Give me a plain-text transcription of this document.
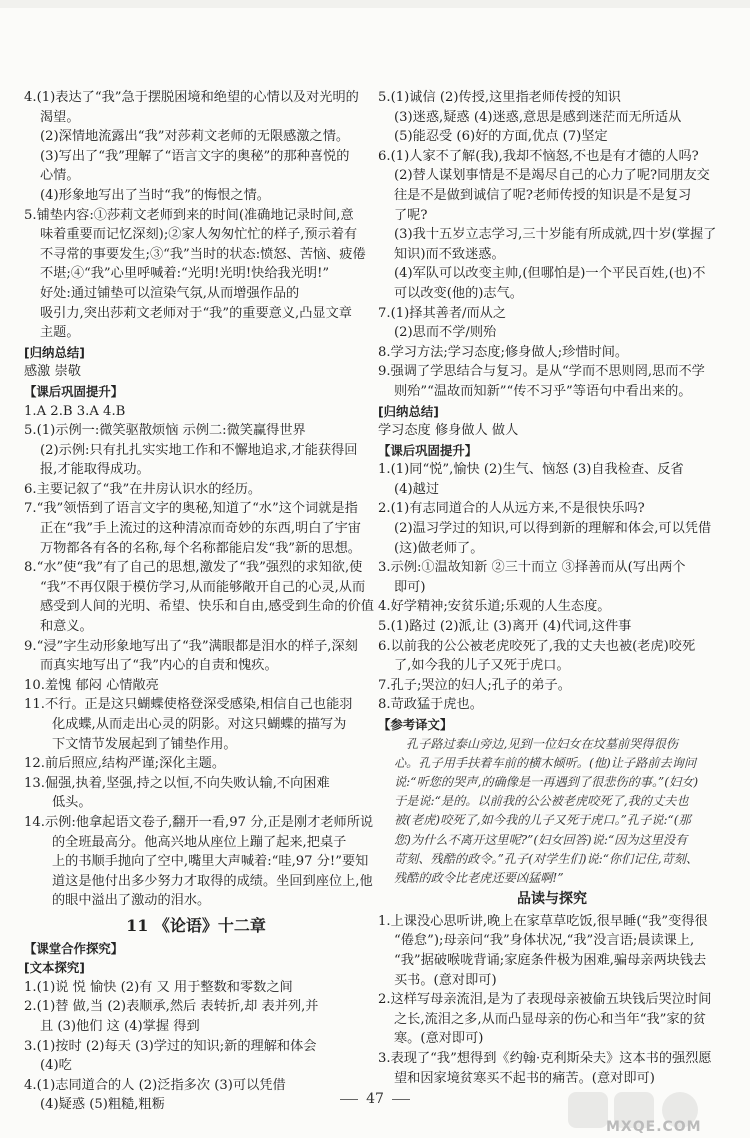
4.(1)表达了“我”急于摆脱困境和绝望的心情以及对光明的
渴望。
(2)深情地流露出“我”对莎莉文老师的无限感激之情。
(3)写出了“我”理解了“语言文字的奥秘”的那种喜悦的
心情。
(4)形象地写出了当时“我”的悔恨之情。
5.铺垫内容:①莎莉文老师到来的时间(准确地记录时间,意
味着重要而记忆深刻);②家人匆匆忙忙的样子,预示着有
不寻常的事要发生;③“我”当时的状态:愤怒、苦恼、疲倦
不堪;④“我”心里呼喊着:“光明!光明!快给我光明!”
好处:通过铺垫可以渲染气氛,从而增强作品的
吸引力,突出莎莉文老师对于“我”的重要意义,凸显文章
主题。
[归纳总结]
感激 崇敬
【课后巩固提升】
1.A 2.B 3.A 4.B
5.(1)示例一:微笑驱散烦恼 示例二:微笑赢得世界
(2)示例:只有扎扎实实地工作和不懈地追求,才能获得回
报,才能取得成功。
6.主要记叙了“我”在井房认识水的经历。
7.“我”领悟到了语言文字的奥秘,知道了“水”这个词就是指
正在“我”手上流过的这种清凉而奇妙的东西,明白了宇宙
万物都各有各的名称,每个名称都能启发“我”新的思想。
8.“水”使“我”有了自己的思想,激发了“我”强烈的求知欲,使
“我”不再仅限于模仿学习,从而能够敞开自己的心灵,从而
感受到人间的光明、希望、快乐和自由,感受到生命的价值
和意义。
9.“浸”字生动形象地写出了“我”满眼都是泪水的样子,深刻
而真实地写出了“我”内心的自责和愧疚。
10.羞愧 郁闷 心情敞亮
11.不行。正是这只蝴蝶使格登深受感染,相信自己也能羽
化成蝶,从而走出心灵的阴影。对这只蝴蝶的描写为
下文情节发展起到了铺垫作用。
12.前后照应,结构严谨;深化主题。
13.倔强,执着,坚强,持之以恒,不向失败认输,不向困难
低头。
14.示例:他拿起语文卷子,翻开一看,97 分,正是刚才老师所说
的全班最高分。他高兴地从座位上蹦了起来,把桌子
上的书顺手抛向了空中,嘴里大声喊着:“哇,97 分!”要知
道这是他付出多少努力才取得的成绩。坐回到座位上,他
的眼中溢出了激动的泪水。
11 《论语》十二章
【课堂合作探究】
[文本探究]
1.(1)说 悦 愉快 (2)有 又 用于整数和零数之间
2.(1)替 做,当 (2)表顺承,然后 表转折,却 表并列,并
且 (3)他们 这 (4)掌握 得到
3.(1)按时 (2)每天 (3)学过的知识;新的理解和体会
(4)吃
4.(1)志同道合的人 (2)泛指多次 (3)可以凭借
(4)疑惑 (5)粗糙,粗粝
5.(1)诚信 (2)传授,这里指老师传授的知识
(3)迷惑,疑惑 (4)迷惑,意思是感到迷茫而无所适从
(5)能忍受 (6)好的方面,优点 (7)坚定
6.(1)人家不了解(我),我却不恼怒,不也是有才德的人吗?
(2)替人谋划事情是不是竭尽自己的心力了呢?同朋友交
往是不是做到诚信了呢?老师传授的知识是不是复习
了呢?
(3)我十五岁立志学习,三十岁能有所成就,四十岁(掌握了
知识)而不致迷惑。
(4)军队可以改变主帅,(但哪怕是)一个平民百姓,(也)不
可以改变(他的)志气。
7.(1)择其善者/而从之
(2)思而不学/则殆
8.学习方法;学习态度;修身做人;珍惜时间。
9.强调了学思结合与复习。是从“学而不思则罔,思而不学
则殆”“温故而知新”“传不习乎”等语句中看出来的。
[归纳总结]
学习态度 修身做人 做人
【课后巩固提升】
1.(1)同“悦”,愉快 (2)生气、恼怒 (3)自我检查、反省
(4)越过
2.(1)有志同道合的人从远方来,不是很快乐吗?
(2)温习学过的知识,可以得到新的理解和体会,可以凭借
(这)做老师了。
3.示例:①温故知新 ②三十而立 ③择善而从(写出两个
即可)
4.好学精神;安贫乐道;乐观的人生态度。
5.(1)路过 (2)派,让 (3)离开 (4)代词,这件事
6.以前我的公公被老虎咬死了,我的丈夫也被(老虎)咬死
了,如今我的儿子又死于虎口。
7.孔子;哭泣的妇人;孔子的弟子。
8.苛政猛于虎也。
【参考译文】
孔子路过泰山旁边,见到一位妇女在坟墓前哭得很伤
心。孔子用手扶着车前的横木倾听。(他)让子路前去询问
说:“听您的哭声,的确像是一再遇到了很悲伤的事。”(妇女)
于是说:“是的。以前我的公公被老虎咬死了,我的丈夫也
被(老虎)咬死了,如今我的儿子又死于虎口。”孔子说:“(那
您)为什么不离开这里呢?”(妇女回答)说:“因为这里没有
苛刻、残酷的政令。”孔子(对学生们)说:“你们记住,苛刻、
残酷的政令比老虎还要凶猛啊!”
品读与探究
1.上课没心思听讲,晚上在家草草吃饭,很早睡(“我”变得很
“倦怠”);母亲问“我”身体状况,“我”没言语;晨读课上,
“我”据破喉咙背诵;家庭条件极为困难,骗母亲两块钱去
买书。(意对即可)
2.这样写母亲流泪,是为了表现母亲被偷五块钱后哭泣时间
之长,流泪之多,从而凸显母亲的伤心和当年“我”家的贫
寒。(意对即可)
3.表现了“我”想得到《约翰·克利斯朵夫》这本书的强烈愿
望和因家境贫寒买不起书的痛苦。(意对即可)
47
MXQE.COM
